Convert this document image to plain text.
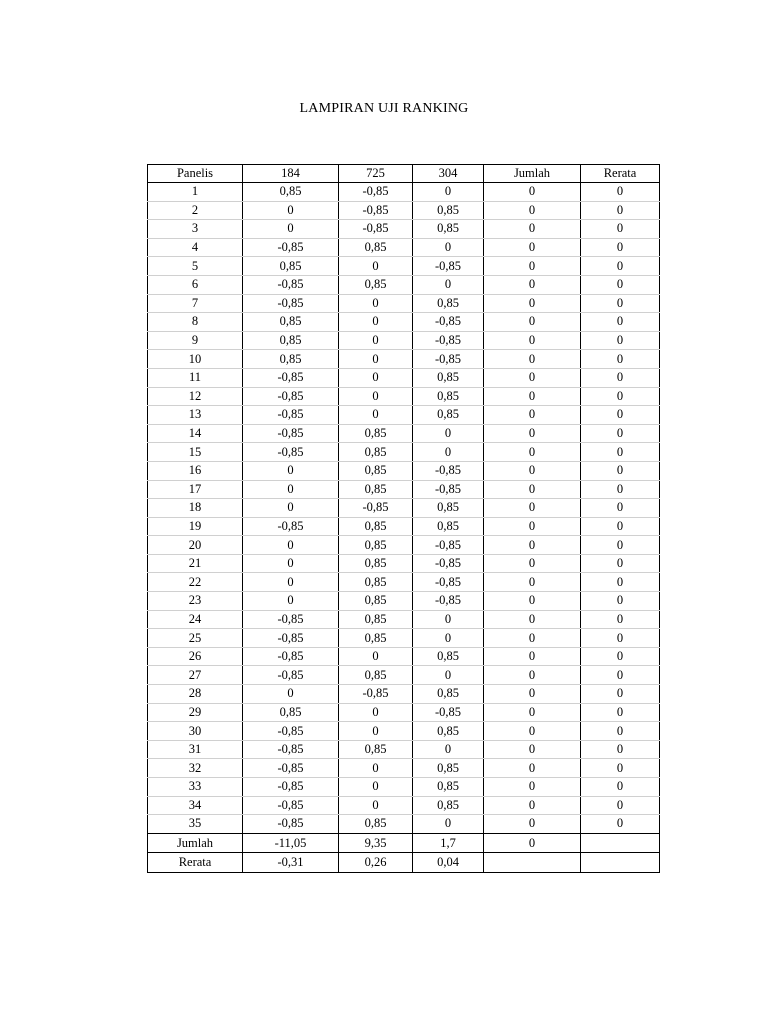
LAMPIRAN UJI RANKING
Panelis	184	725	304	Jumlah	Rerata
1	0,85	-0,85	0	0	0
2	0	-0,85	0,85	0	0
3	0	-0,85	0,85	0	0
4	-0,85	0,85	0	0	0
5	0,85	0	-0,85	0	0
6	-0,85	0,85	0	0	0
7	-0,85	0	0,85	0	0
8	0,85	0	-0,85	0	0
9	0,85	0	-0,85	0	0
10	0,85	0	-0,85	0	0
11	-0,85	0	0,85	0	0
12	-0,85	0	0,85	0	0
13	-0,85	0	0,85	0	0
14	-0,85	0,85	0	0	0
15	-0,85	0,85	0	0	0
16	0	0,85	-0,85	0	0
17	0	0,85	-0,85	0	0
18	0	-0,85	0,85	0	0
19	-0,85	0,85	0,85	0	0
20	0	0,85	-0,85	0	0
21	0	0,85	-0,85	0	0
22	0	0,85	-0,85	0	0
23	0	0,85	-0,85	0	0
24	-0,85	0,85	0	0	0
25	-0,85	0,85	0	0	0
26	-0,85	0	0,85	0	0
27	-0,85	0,85	0	0	0
28	0	-0,85	0,85	0	0
29	0,85	0	-0,85	0	0
30	-0,85	0	0,85	0	0
31	-0,85	0,85	0	0	0
32	-0,85	0	0,85	0	0
33	-0,85	0	0,85	0	0
34	-0,85	0	0,85	0	0
35	-0,85	0,85	0	0	0
Jumlah	-11,05	9,35	1,7	0	
Rerata	-0,31	0,26	0,04		
